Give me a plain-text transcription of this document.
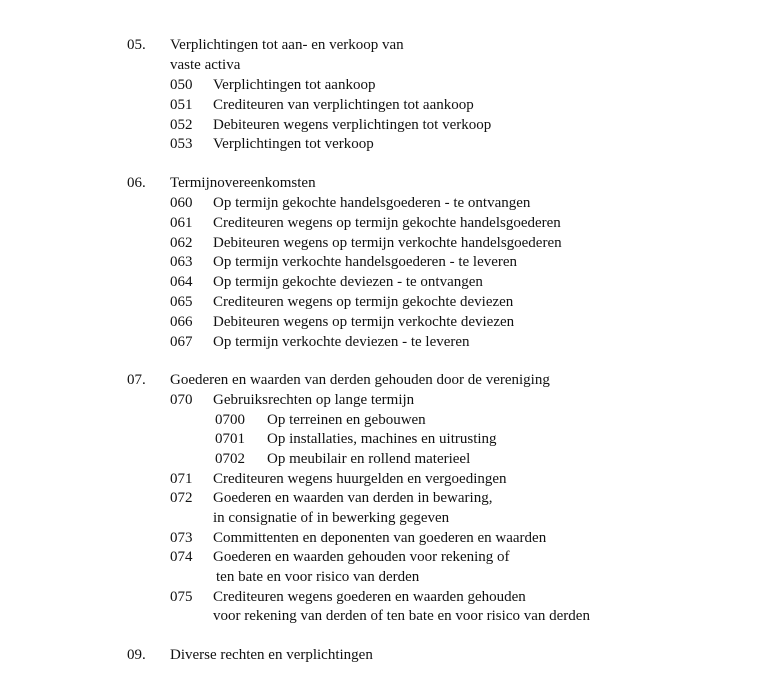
05. Verplichtingen tot aan- en verkoop van
vaste activa
050 Verplichtingen tot aankoop
051 Crediteuren van verplichtingen tot aankoop
052 Debiteuren wegens verplichtingen tot verkoop
053 Verplichtingen tot verkoop
06. Termijnovereenkomsten
060 Op termijn gekochte handelsgoederen - te ontvangen
061 Crediteuren wegens op termijn gekochte handelsgoederen
062 Debiteuren wegens op termijn verkochte handelsgoederen
063 Op termijn verkochte handelsgoederen - te leveren
064 Op termijn gekochte deviezen - te ontvangen
065 Crediteuren wegens op termijn gekochte deviezen
066 Debiteuren wegens op termijn verkochte deviezen
067 Op termijn verkochte deviezen - te leveren
07. Goederen en waarden van derden gehouden door de vereniging
070 Gebruiksrechten op lange termijn
0700 Op terreinen en gebouwen
0701 Op installaties, machines en uitrusting
0702 Op meubilair en rollend materieel
071 Crediteuren wegens huurgelden en vergoedingen
072 Goederen en waarden van derden in bewaring,
in consignatie of in bewerking gegeven
073 Committenten en deponenten van goederen en waarden
074 Goederen en waarden gehouden voor rekening of
ten bate en voor risico van derden
075 Crediteuren wegens goederen en waarden gehouden
voor rekening van derden of ten bate en voor risico van derden
09. Diverse rechten en verplichtingen
